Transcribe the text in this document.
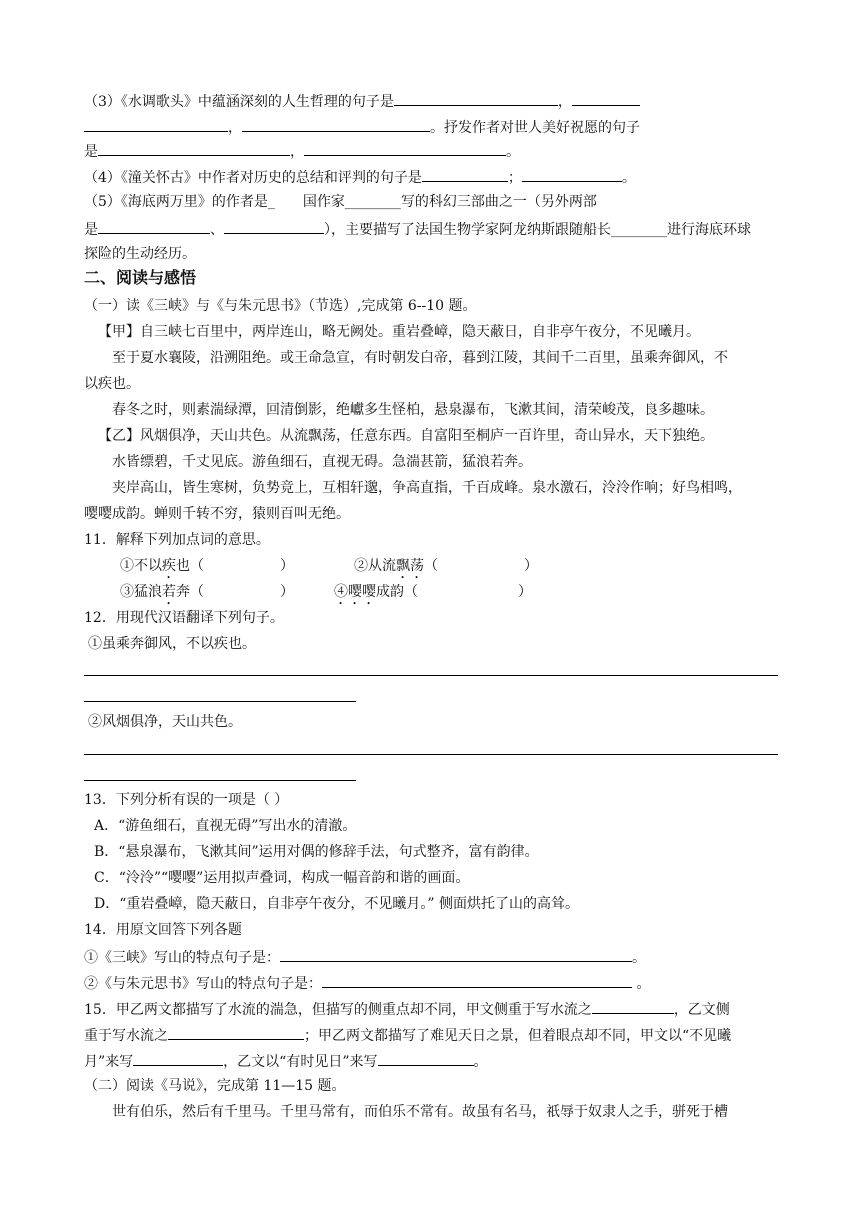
（3）《水调歌头》中蕴涵深刻的人生哲理的句子是	，
，	。抒发作者对世人美好祝愿的句子
是	，	。
（4）《潼关怀古》中作者对历史的总结和评判的句子是	；	。
（5）《海底两万里》的作者是_ 国作家________写的科幻三部曲之一（另外两部
是	、	），主要描写了法国生物学家阿龙纳斯跟随船长________进行海底环球
探险的生动经历。
二、阅读与感悟
（一）读《三峡》与《与朱元思书》（节选）,完成第 6--10 题。
【甲】自三峡七百里中，两岸连山，略无阙处。重岩叠嶂，隐天蔽日，自非亭午夜分，不见曦月。
至于夏水襄陵，沿溯阻绝。或王命急宣，有时朝发白帝，暮到江陵，其间千二百里，虽乘奔御风，不
以疾也。
春冬之时，则素湍绿潭，回清倒影，绝巘多生怪柏，悬泉瀑布，飞漱其间，清荣峻茂，良多趣味。
【乙】风烟俱净，天山共色。从流飘荡，任意东西。自富阳至桐庐一百许里，奇山异水，天下独绝。
水皆缥碧，千丈见底。游鱼细石，直视无碍。急湍甚箭，猛浪若奔。
夹岸高山，皆生寒树，负势竞上，互相轩邈，争高直指，千百成峰。泉水激石，泠泠作响；好鸟相鸣，
嘤嘤成韵。蝉则千转不穷，猿则百叫无绝。
11．解释下列加点词的意思。
①不以疾也（	）	②从流飘荡（	）
③猛浪若奔（	）	④嘤嘤成韵（	）
12．用现代汉语翻译下列句子。
①虽乘奔御风，不以疾也。
②风烟俱净，天山共色。
13．下列分析有误的一项是（ ）
A．“游鱼细石，直视无碍”写出水的清澈。
B．“悬泉瀑布，飞漱其间”运用对偶的修辞手法，句式整齐，富有韵律。
C．“泠泠”“嘤嘤”运用拟声叠词，构成一幅音韵和谐的画面。
D．“重岩叠嶂，隐天蔽日，自非亭午夜分，不见曦月。” 侧面烘托了山的高耸。
14．用原文回答下列各题
①《三峡》写山的特点句子是：	。
②《与朱元思书》写山的特点句子是：	。
15．甲乙两文都描写了水流的湍急，但描写的侧重点却不同，甲文侧重于写水流之	，乙文侧
重于写水流之	；甲乙两文都描写了难见天日之景，但着眼点却不同，甲文以“不见曦
月”来写	，乙文以“有时见日”来写	。
（二）阅读《马说》，完成第 11—15 题。
世有伯乐，然后有千里马。千里马常有，而伯乐不常有。故虽有名马，祇辱于奴隶人之手，骈死于槽
